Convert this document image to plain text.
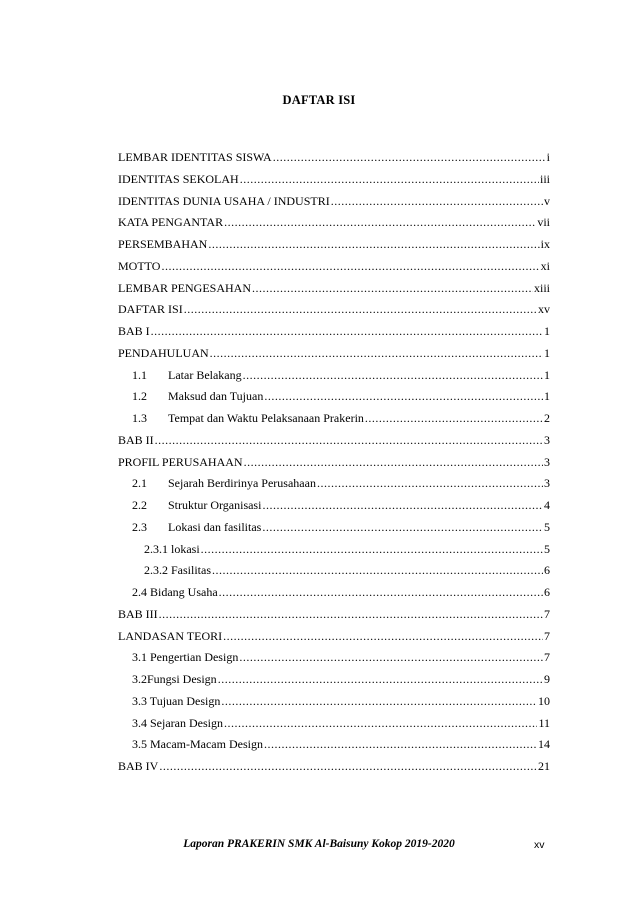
DAFTAR ISI
LEMBAR IDENTITAS SISWA .....	i
IDENTITAS SEKOLAH .....	iii
IDENTITAS DUNIA USAHA / INDUSTRI .....	v
KATA PENGANTAR .....	vii
PERSEMBAHAN .....	ix
MOTTO .....	xi
LEMBAR PENGESAHAN .....	xiii
DAFTAR ISI .....	xv
BAB I .....	1
PENDAHULUAN .....	1
1.1	Latar Belakang .....	1
1.2	Maksud dan Tujuan .....	1
1.3	Tempat dan Waktu Pelaksanaan Prakerin .....	2
BAB II .....	3
PROFIL PERUSAHAAN .....	3
2.1	Sejarah Berdirinya Perusahaan .....	3
2.2	Struktur Organisasi .....	4
2.3	Lokasi dan fasilitas .....	5
2.3.1 lokasi .....	5
2.3.2 Fasilitas .....	6
2.4 Bidang Usaha .....	6
BAB III .....	7
LANDASAN TEORI .....	7
3.1 Pengertian Design .....	7
3.2Fungsi Design .....	9
3.3 Tujuan Design .....	10
3.4 Sejaran Design .....	11
3.5 Macam-Macam Design .....	14
BAB IV .....	21
Laporan PRAKERIN SMK Al-Baisuny Kokop 2019-2020	xv
